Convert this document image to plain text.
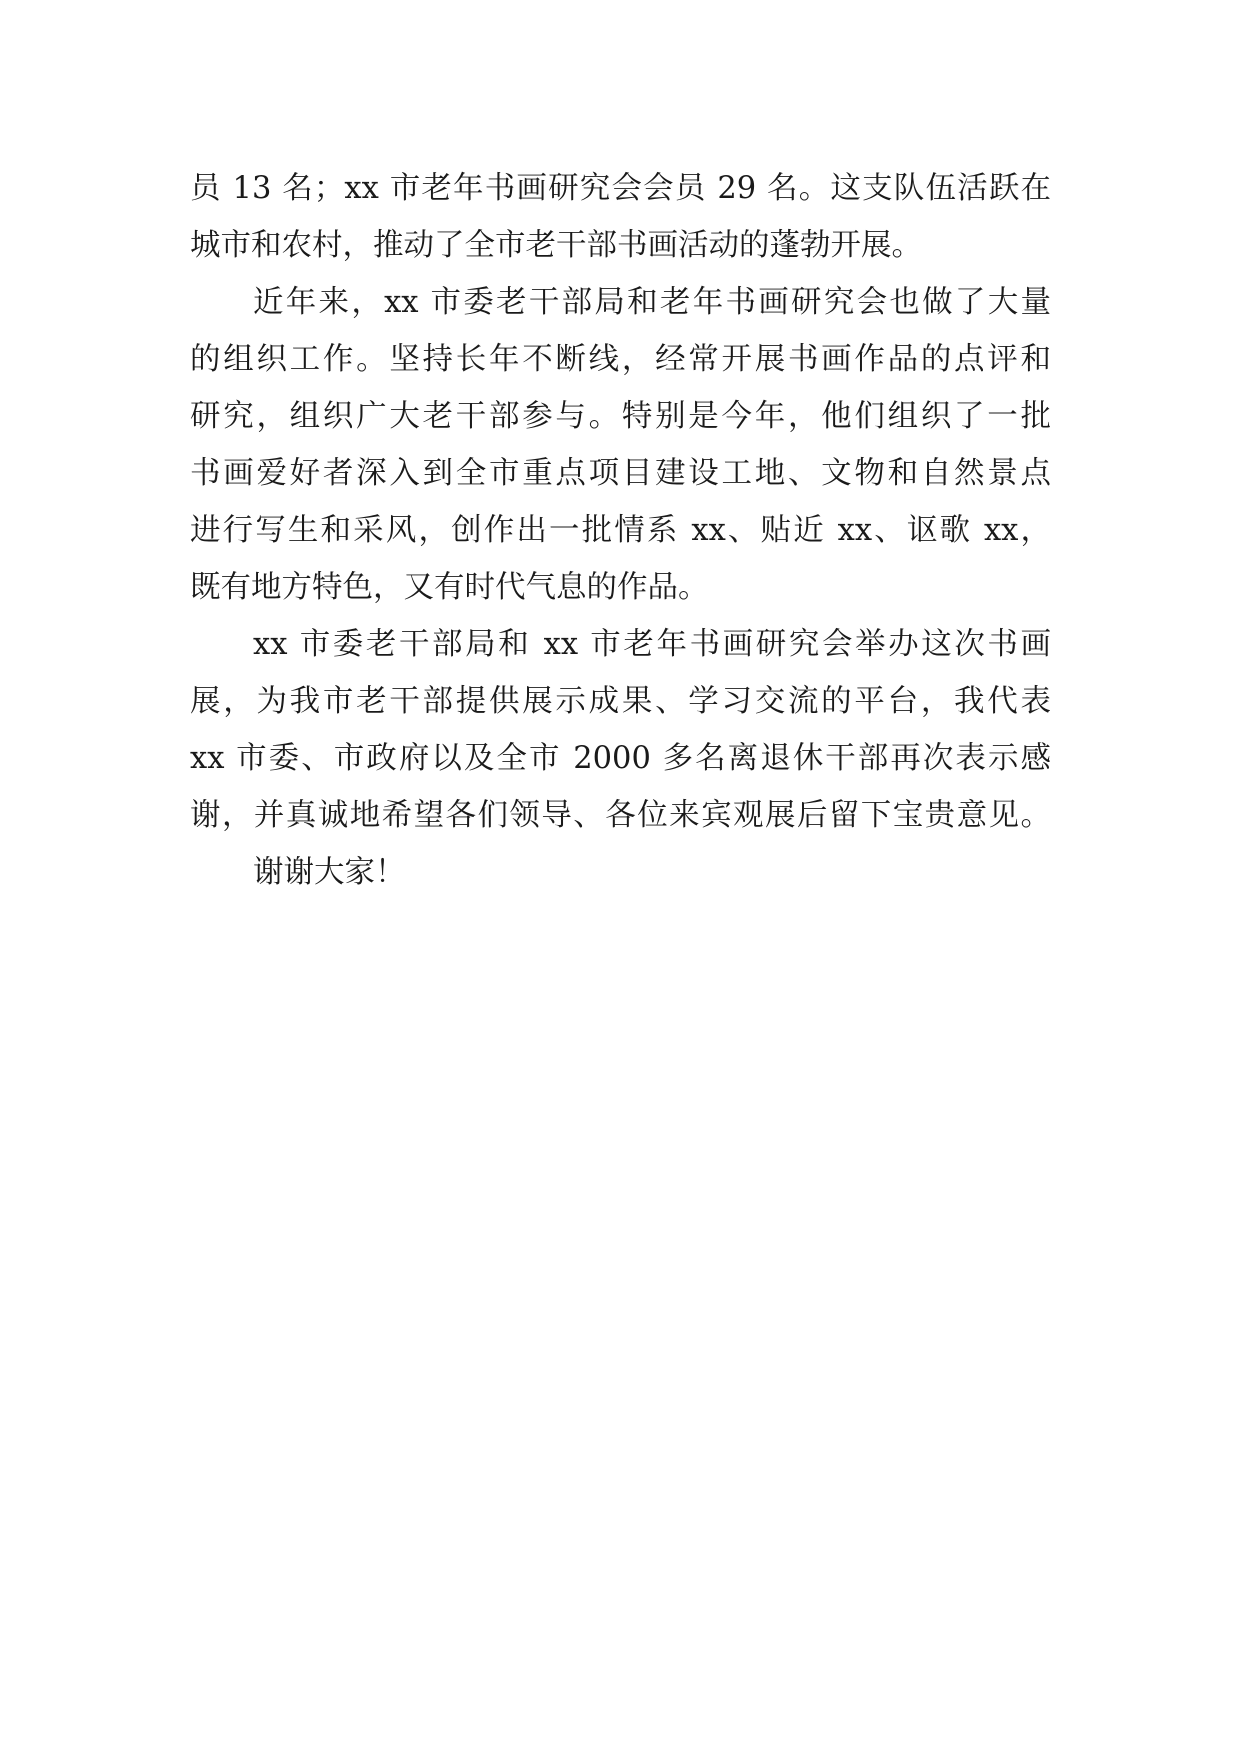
员 13 名；xx 市老年书画研究会会员 29 名。这支队伍活跃在
城市和农村，推动了全市老干部书画活动的蓬勃开展。
近年来，xx 市委老干部局和老年书画研究会也做了大量
的组织工作。坚持长年不断线，经常开展书画作品的点评和
研究，组织广大老干部参与。特别是今年，他们组织了一批
书画爱好者深入到全市重点项目建设工地、文物和自然景点
进行写生和采风，创作出一批情系 xx、贴近 xx、讴歌 xx，
既有地方特色，又有时代气息的作品。
xx 市委老干部局和 xx 市老年书画研究会举办这次书画
展，为我市老干部提供展示成果、学习交流的平台，我代表
xx 市委、市政府以及全市 2000 多名离退休干部再次表示感
谢，并真诚地希望各们领导、各位来宾观展后留下宝贵意见。
谢谢大家！
